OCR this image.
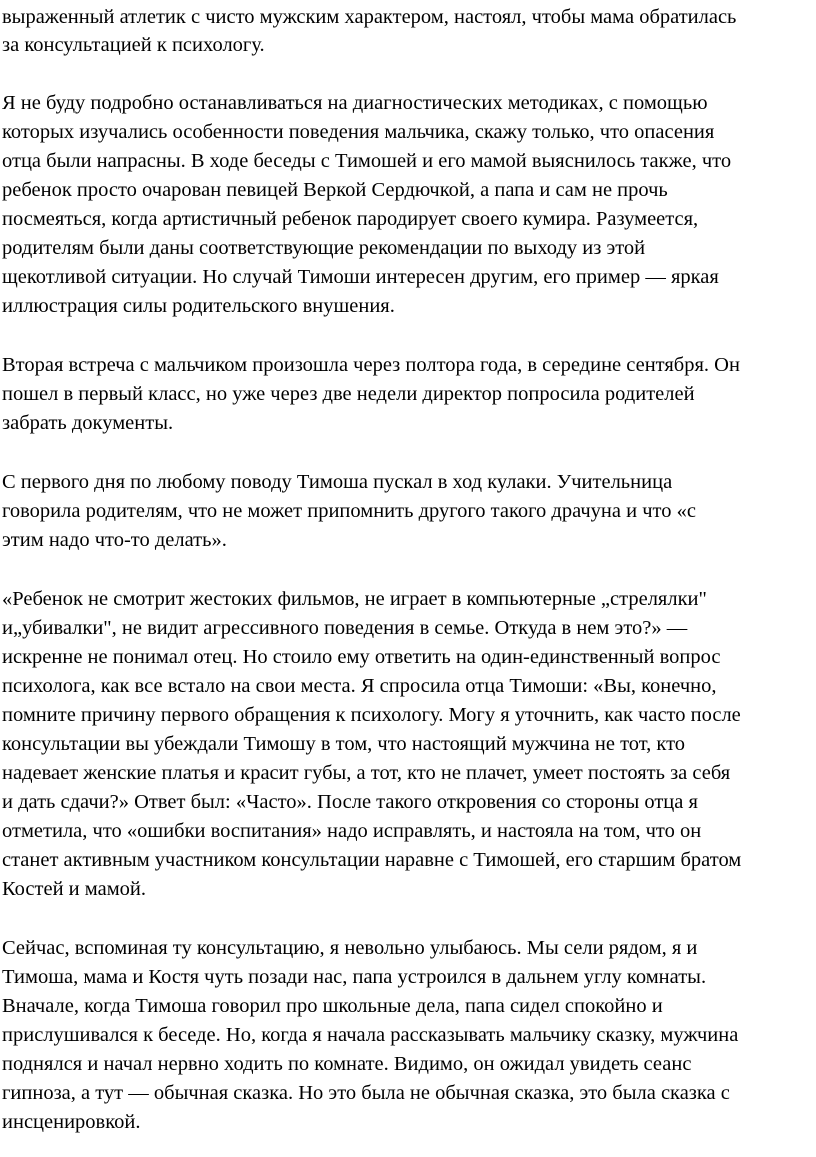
выраженный атлетик с чисто мужским характером, настоял, чтобы мама обратилась

за консультацией к психологу.

Я не буду подробно останавливаться на диагностических методиках, с помощью

которых изучались особенности поведения мальчика, скажу только, что опасения

отца были напрасны. В ходе беседы с Тимошей и его мамой выяснилось также, что

ребенок просто очарован певицей Веркой Сердючкой, а папа и сам не прочь

посмеяться, когда артистичный ребенок пародирует своего кумира. Разумеется,

родителям были даны соответствующие рекомендации по выходу из этой

щекотливой ситуации. Но случай Тимоши интересен другим, его пример — яркая

иллюстрация силы родительского внушения.

Вторая встреча с мальчиком произошла через полтора года, в середине сентября. Он

пошел в первый класс, но уже через две недели директор попросила родителей

забрать документы.

С первого дня по любому поводу Тимоша пускал в ход кулаки. Учительница

говорила родителям, что не может припомнить другого такого драчуна и что «с

этим надо что-то делать».

«Ребенок не смотрит жестоких фильмов, не играет в компьютерные „стрелялки"

и„убивалки", не видит агрессивного поведения в семье. Откуда в нем это?» —

искренне не понимал отец. Но стоило ему ответить на один-единственный вопрос

психолога, как все встало на свои места. Я спросила отца Тимоши: «Вы, конечно,

помните причину первого обращения к психологу. Могу я уточнить, как часто после

консультации вы убеждали Тимошу в том, что настоящий мужчина не тот, кто

надевает женские платья и красит губы, а тот, кто не плачет, умеет постоять за себя

и дать сдачи?» Ответ был: «Часто». После такого откровения со стороны отца я

отметила, что «ошибки воспитания» надо исправлять, и настояла на том, что он

станет активным участником консультации наравне с Тимошей, его старшим братом

Костей и мамой.

Сейчас, вспоминая ту консультацию, я невольно улыбаюсь. Мы сели рядом, я и

Тимоша, мама и Костя чуть позади нас, папа устроился в дальнем углу комнаты.

Вначале, когда Тимоша говорил про школьные дела, папа сидел спокойно и

прислушивался к беседе. Но, когда я начала рассказывать мальчику сказку, мужчина

поднялся и начал нервно ходить по комнате. Видимо, он ожидал увидеть сеанс

гипноза, а тут — обычная сказка. Но это была не обычная сказка, это была сказка с

инсценировкой.
